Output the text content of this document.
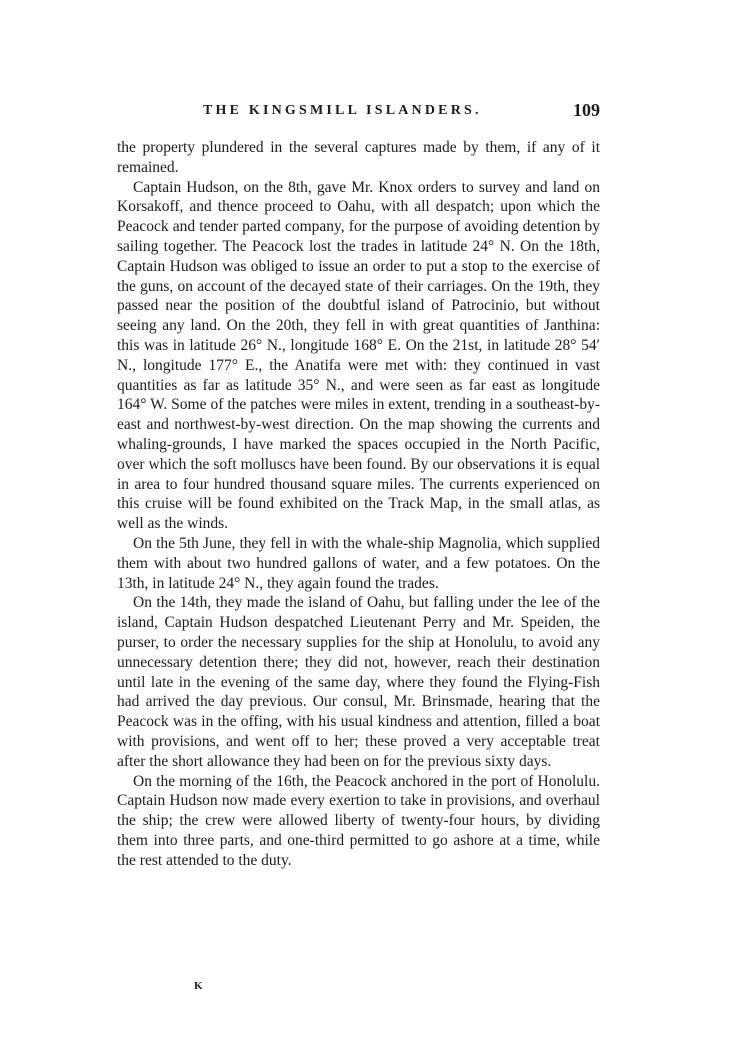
THE KINGSMILL ISLANDERS.	109

the property plundered in the several captures made by them, if any of it remained.

Captain Hudson, on the 8th, gave Mr. Knox orders to survey and land on Korsakoff, and thence proceed to Oahu, with all despatch; upon which the Peacock and tender parted company, for the purpose of avoiding detention by sailing together. The Peacock lost the trades in latitude 24° N. On the 18th, Captain Hudson was obliged to issue an order to put a stop to the exercise of the guns, on account of the decayed state of their carriages. On the 19th, they passed near the position of the doubtful island of Patrocinio, but without seeing any land. On the 20th, they fell in with great quantities of Janthina: this was in latitude 26° N., longitude 168° E. On the 21st, in latitude 28° 54′ N., longitude 177° E., the Anatifa were met with: they continued in vast quantities as far as latitude 35° N., and were seen as far east as longitude 164° W. Some of the patches were miles in extent, trending in a southeast-by-east and northwest-by-west direction. On the map showing the currents and whaling-grounds, I have marked the spaces occupied in the North Pacific, over which the soft molluscs have been found. By our observations it is equal in area to four hundred thousand square miles. The currents experienced on this cruise will be found exhibited on the Track Map, in the small atlas, as well as the winds.

On the 5th June, they fell in with the whale-ship Magnolia, which supplied them with about two hundred gallons of water, and a few potatoes. On the 13th, in latitude 24° N., they again found the trades.

On the 14th, they made the island of Oahu, but falling under the lee of the island, Captain Hudson despatched Lieutenant Perry and Mr. Speiden, the purser, to order the necessary supplies for the ship at Honolulu, to avoid any unnecessary detention there; they did not, however, reach their destination until late in the evening of the same day, where they found the Flying-Fish had arrived the day previous. Our consul, Mr. Brinsmade, hearing that the Peacock was in the offing, with his usual kindness and attention, filled a boat with provisions, and went off to her; these proved a very acceptable treat after the short allowance they had been on for the previous sixty days.

On the morning of the 16th, the Peacock anchored in the port of Honolulu. Captain Hudson now made every exertion to take in provisions, and overhaul the ship; the crew were allowed liberty of twenty-four hours, by dividing them into three parts, and one-third permitted to go ashore at a time, while the rest attended to the duty.

K
